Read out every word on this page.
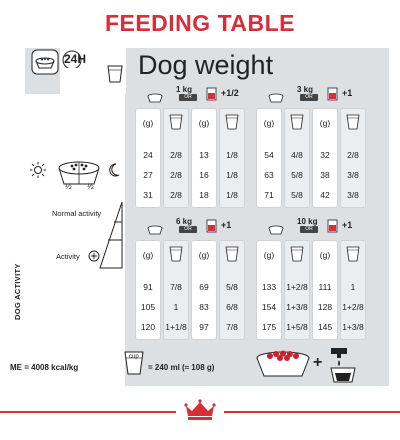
FEEDING TABLE
24H Dog weight
½ ½
Normal activity
Activity
DOG ACTIVITY
1 kg
OR	+1/2
(g)	(g)
24	2/8	13	1/8
27	2/8	16	1/8
31	2/8	18	1/8
3 kg
OR	+1
(g)	(g)
54	4/8	32	2/8
63	5/8	38	3/8
71	5/8	42	3/8
6 kg
OR	+1
(g)	(g)
91	7/8	69	5/8
105	1	83	6/8
120	1+1/8	97	7/8
10 kg
OR	+1
(g)	(g)
133	1+2/8	111	1
154	1+3/8	128	1+2/8
175	1+5/8	145	1+3/8
ME = 4008 kcal/kg
cup
= 240 ml (≈ 108 g)	+
